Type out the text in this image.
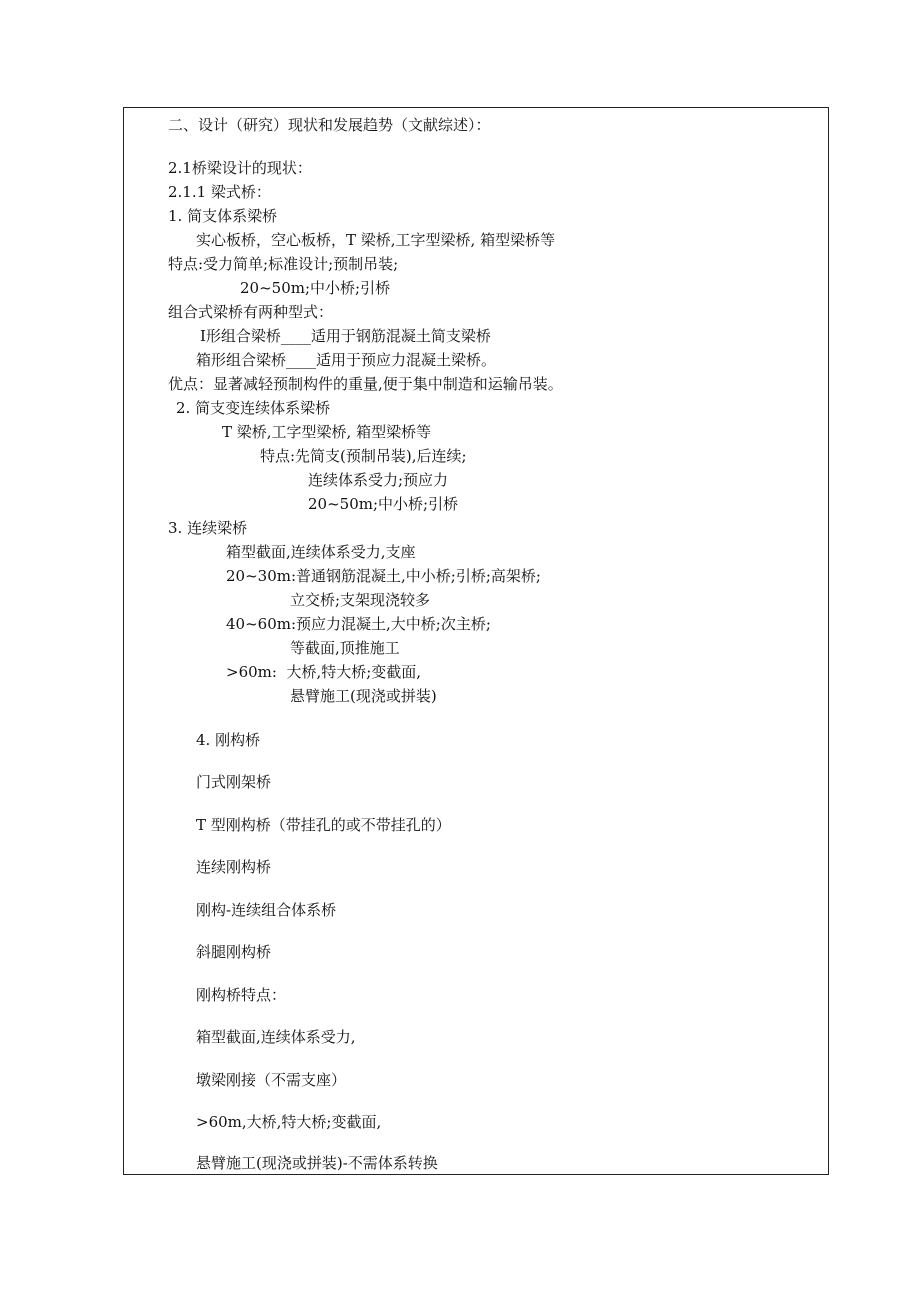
二、设计（研究）现状和发展趋势（文献综述）：
2.1桥梁设计的现状：
2.1.1 梁式桥：
1. 简支体系梁桥
实心板桥，空心板桥，T 梁桥,工字型梁桥, 箱型梁桥等
特点:受力简单;标准设计;预制吊装;
20~50m;中小桥;引桥
组合式梁桥有两种型式：
I形组合梁桥____适用于钢筋混凝土简支梁桥
箱形组合梁桥____适用于预应力混凝土梁桥。
优点：显著减轻预制构件的重量,便于集中制造和运输吊装。
2. 简支变连续体系梁桥
T 梁桥,工字型梁桥, 箱型梁桥等
特点:先简支(预制吊装),后连续;
连续体系受力;预应力
20~50m;中小桥;引桥
3. 连续梁桥
箱型截面,连续体系受力,支座
20~30m:普通钢筋混凝土,中小桥;引桥;高架桥;
立交桥;支架现浇较多
40~60m:预应力混凝土,大中桥;次主桥;
等截面,顶推施工
>60m:  大桥,特大桥;变截面,
悬臂施工(现浇或拼装)
4. 刚构桥
门式刚架桥
T 型刚构桥（带挂孔的或不带挂孔的）
连续刚构桥
刚构-连续组合体系桥
斜腿刚构桥
刚构桥特点：
箱型截面,连续体系受力,
墩梁刚接（不需支座）
>60m,大桥,特大桥;变截面,
悬臂施工(现浇或拼装)-不需体系转换
